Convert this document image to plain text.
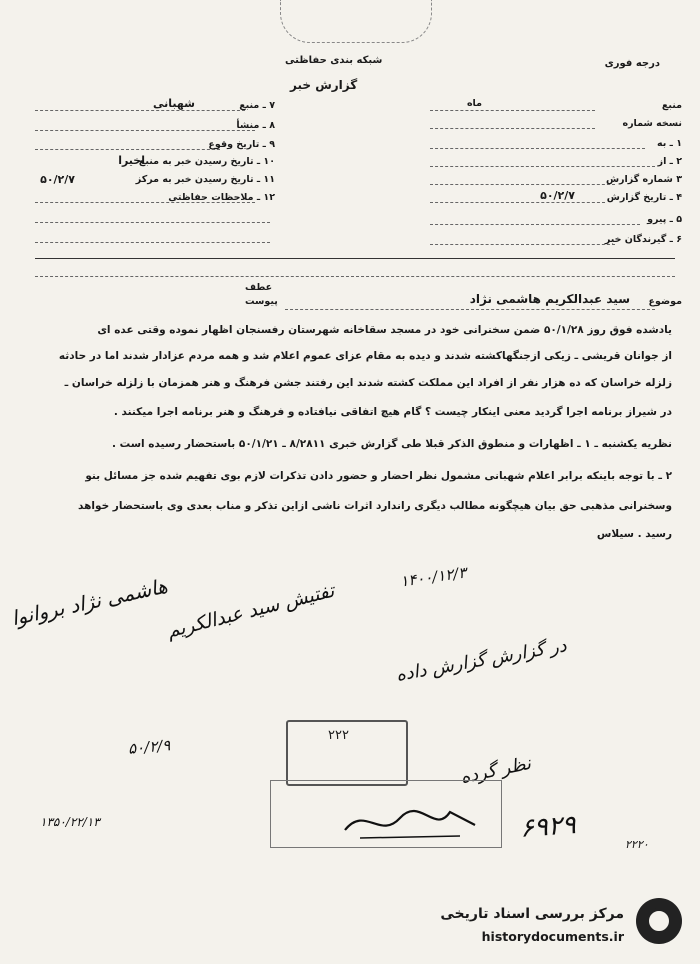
درجه فوری
شبکه بندی حفاظتی
گزارش خبر
منبع
ماه
نسخه شماره
۱ ـ به
۲ ـ از
۳ شماره گزارش
۴ ـ تاریخ گزارش
۵۰/۲/۷
۵ ـ پیرو
۶ ـ گیرندگان خبر
۷ ـ منبع
شهبانی
۸ ـ منشأ
۹ ـ تاریخ وقوع
۱۰ ـ تاریخ رسیدن خبر به منبع
اخیرا
۱۱ ـ تاریخ رسیدن خبر به مرکز
۵۰/۲/۷
۱۲ ـ ملاحظات حفاظتی
عطف
پیوست	موضوع
سید عبدالکریم هاشمی نژاد
یادشده فوق روز ۵۰/۱/۲۸ ضمن سخنرانی خود در مسجد سقاخانه شهرستان رفسنجان اظهار نموده وقتی عده ای
از جوانان قریشی ـ زیکی ازجنگهاکشته شدند و دیده به مقام عزای عموم اعلام شد و همه مردم عزادار شدند اما در حادثه
زلزله خراسان که ده هزار نفر از افراد این مملکت کشته شدند این رفتند جشن فرهنگ و هنر همزمان با زلزله خراسان ـ
در شیراز برنامه اجرا گردید معنی اینکار چیست ؟ گام هیچ اتفاقی نیافتاده و فرهنگ و هنر برنامه اجرا میکنند .
نظریه یکشنبه ـ ۱ ـ اظهارات و منطوق الذکر قبلا طی گزارش خبری ۸/۲۸۱۱ ـ ۵۰/۱/۲۱ باستحضار رسیده است .
۲ ـ با توجه باینکه برابر اعلام شهبانی مشمول نظر احضار و حضور دادن تذکرات لازم بوی تفهیم شده جز مسائل بنو
وسخنرانی مذهبی حق بیان هیچگونه مطالب دیگری راندارد اثرات ناشی ازاین تذکر و مناب بعدی وی باستحضار خواهد
رسید . سیلاس
۱۴۰۰/۱۲/۳
هاشمی نژاد بروانوا
تفتیش سید عبدالکریم
در گزارش گزارش داده
نظر گرده
۵۰/۲/۹
۶۹۲۹
۱۳۵۰/۲۲/۱۳
۲۲۲۰
۲۲۲
مرکز بررسی اسناد تاریخی
historydocuments.ir
